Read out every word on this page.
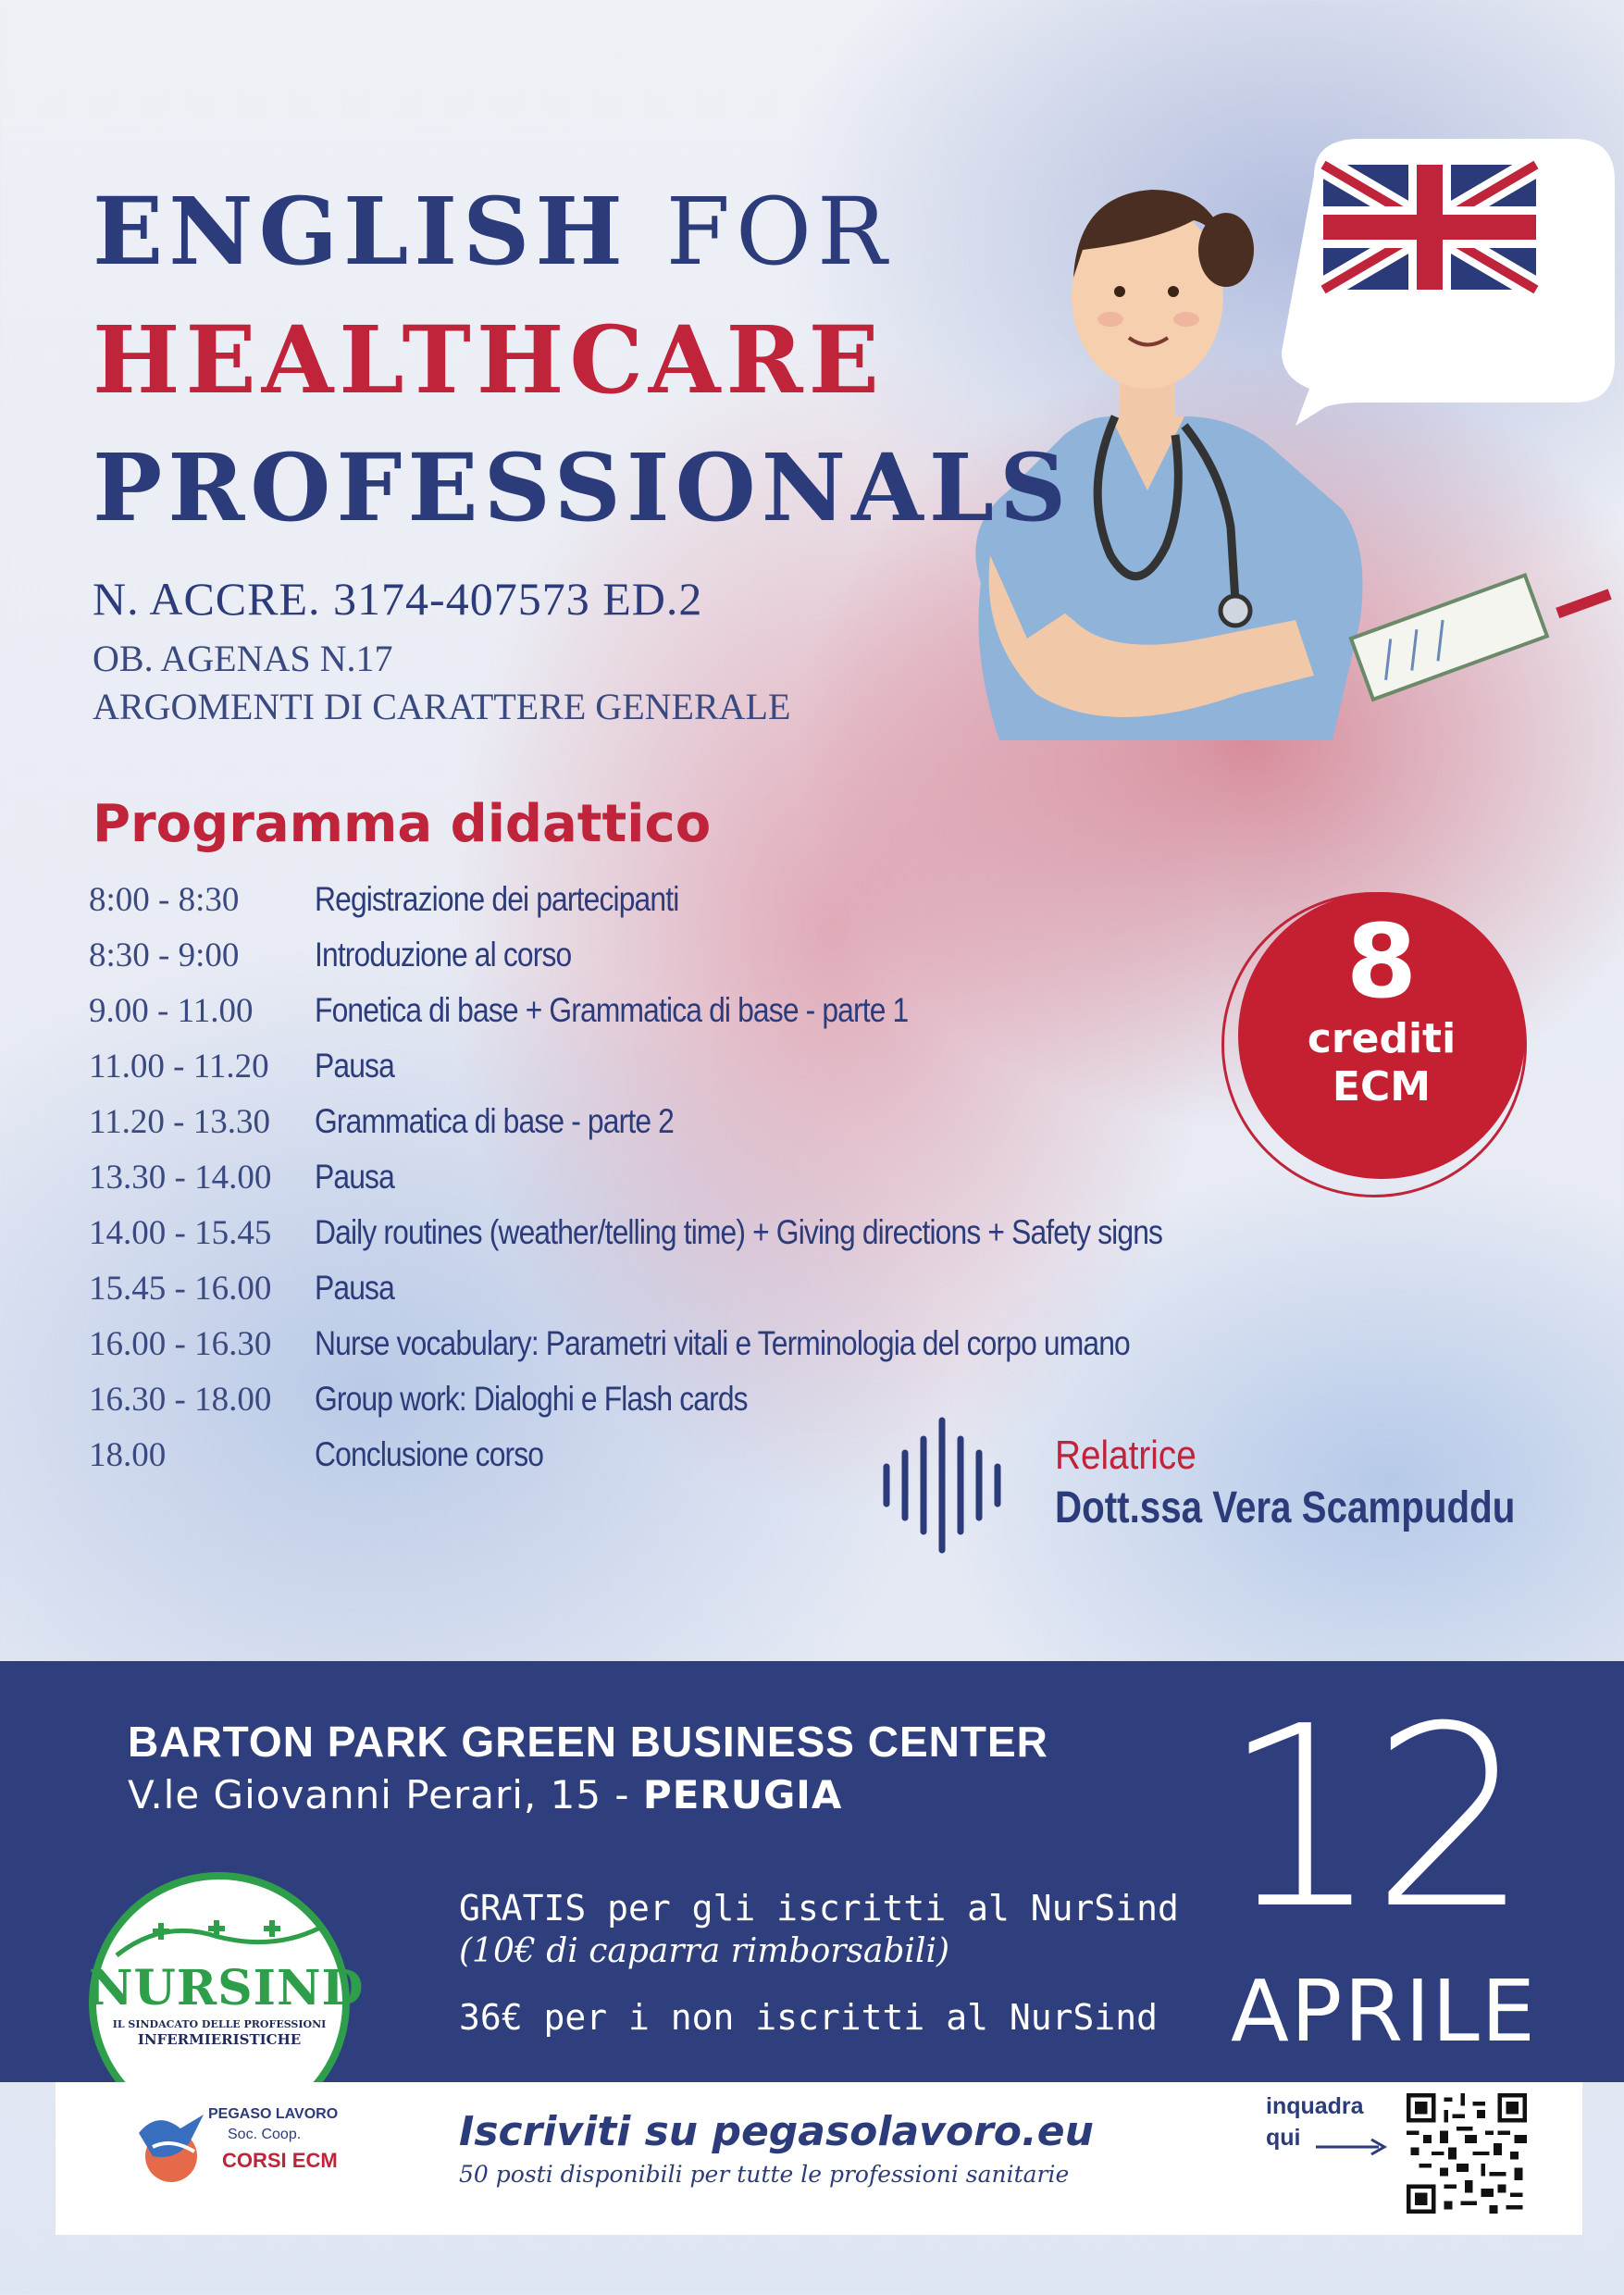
ENGLISH FOR
HEALTHCARE
PROFESSIONALS
N. ACCRE. 3174-407573 ED.2
OB. AGENAS N.17
ARGOMENTI DI CARATTERE GENERALE
Programma didattico
8:00 - 8:30	Registrazione dei partecipanti
8:30 - 9:00	Introduzione al corso
9.00 - 11.00	Fonetica di base + Grammatica di base - parte 1
11.00 - 11.20	Pausa
11.20 - 13.30	Grammatica di base - parte 2
13.30 - 14.00	Pausa
14.00 - 15.45	Daily routines (weather/telling time) + Giving directions + Safety signs
15.45 - 16.00	Pausa
16.00 - 16.30	Nurse vocabulary: Parametri vitali e Terminologia del corpo umano
16.30 - 18.00	Group work: Dialoghi e Flash cards
18.00	Conclusione corso
8
crediti
ECM
Relatrice
Dott.ssa Vera Scampuddu
BARTON PARK GREEN BUSINESS CENTER
V.le Giovanni Perari, 15 - PERUGIA
NURSIND
IL SINDACATO DELLE PROFESSIONI
INFERMIERISTICHE
GRATIS per gli iscritti al NurSind
(10€ di caparra rimborsabili)
36€ per i non iscritti al NurSind
12
APRILE
PEGASO LAVORO
Soc. Coop.
CORSI ECM
Iscriviti su pegasolavoro.eu
50 posti disponibili per tutte le professioni sanitarie
inquadra
qui
